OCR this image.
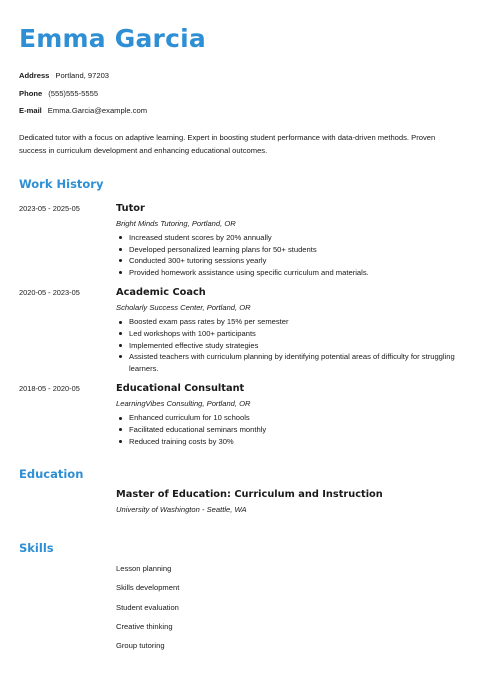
Emma Garcia
Address Portland, 97203
Phone (555)555-5555
E-mail Emma.Garcia@example.com
Dedicated tutor with a focus on adaptive learning. Expert in boosting student performance with data-driven methods. Proven success in curriculum development and enhancing educational outcomes.
Work History
2023-05 - 2025-05	Tutor
Bright Minds Tutoring, Portland, OR
Increased student scores by 20% annually
Developed personalized learning plans for 50+ students
Conducted 300+ tutoring sessions yearly
Provided homework assistance using specific curriculum and materials.
2020-05 - 2023-05	Academic Coach
Scholarly Success Center, Portland, OR
Boosted exam pass rates by 15% per semester
Led workshops with 100+ participants
Implemented effective study strategies
Assisted teachers with curriculum planning by identifying potential areas of difficulty for struggling learners.
2018-05 - 2020-05	Educational Consultant
LearningVibes Consulting, Portland, OR
Enhanced curriculum for 10 schools
Facilitated educational seminars monthly
Reduced training costs by 30%
Education
Master of Education: Curriculum and Instruction
University of Washington - Seattle, WA
Skills
Lesson planning
Skills development
Student evaluation
Creative thinking
Group tutoring
